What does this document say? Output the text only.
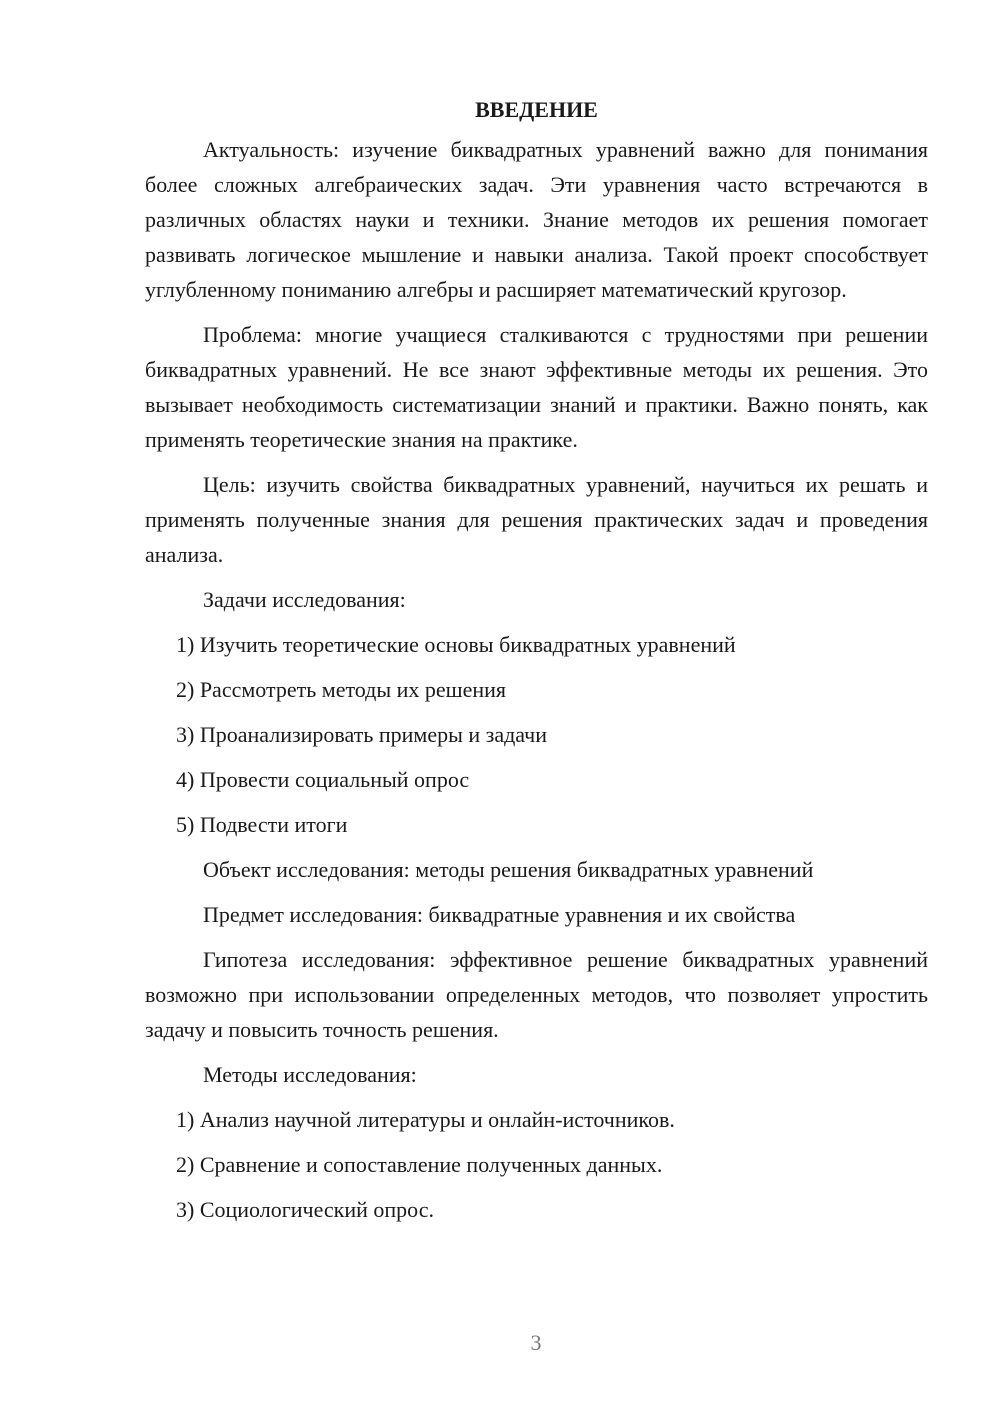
ВВЕДЕНИЕ

Актуальность: изучение биквадратных уравнений важно для понимания более сложных алгебраических задач. Эти уравнения часто встречаются в различных областях науки и техники. Знание методов их решения помогает развивать логическое мышление и навыки анализа. Такой проект способствует углубленному пониманию алгебры и расширяет математический кругозор.

Проблема: многие учащиеся сталкиваются с трудностями при решении биквадратных уравнений. Не все знают эффективные методы их решения. Это вызывает необходимость систематизации знаний и практики. Важно понять, как применять теоретические знания на практике.

Цель: изучить свойства биквадратных уравнений, научиться их решать и применять полученные знания для решения практических задач и проведения анализа.

Задачи исследования:
1) Изучить теоретические основы биквадратных уравнений
2) Рассмотреть методы их решения
3) Проанализировать примеры и задачи
4) Провести социальный опрос
5) Подвести итоги
Объект исследования: методы решения биквадратных уравнений
Предмет исследования: биквадратные уравнения и их свойства

Гипотеза исследования: эффективное решение биквадратных уравнений возможно при использовании определенных методов, что позволяет упростить задачу и повысить точность решения.

Методы исследования:
1) Анализ научной литературы и онлайн-источников.
2) Сравнение и сопоставление полученных данных.
3) Социологический опрос.
3
